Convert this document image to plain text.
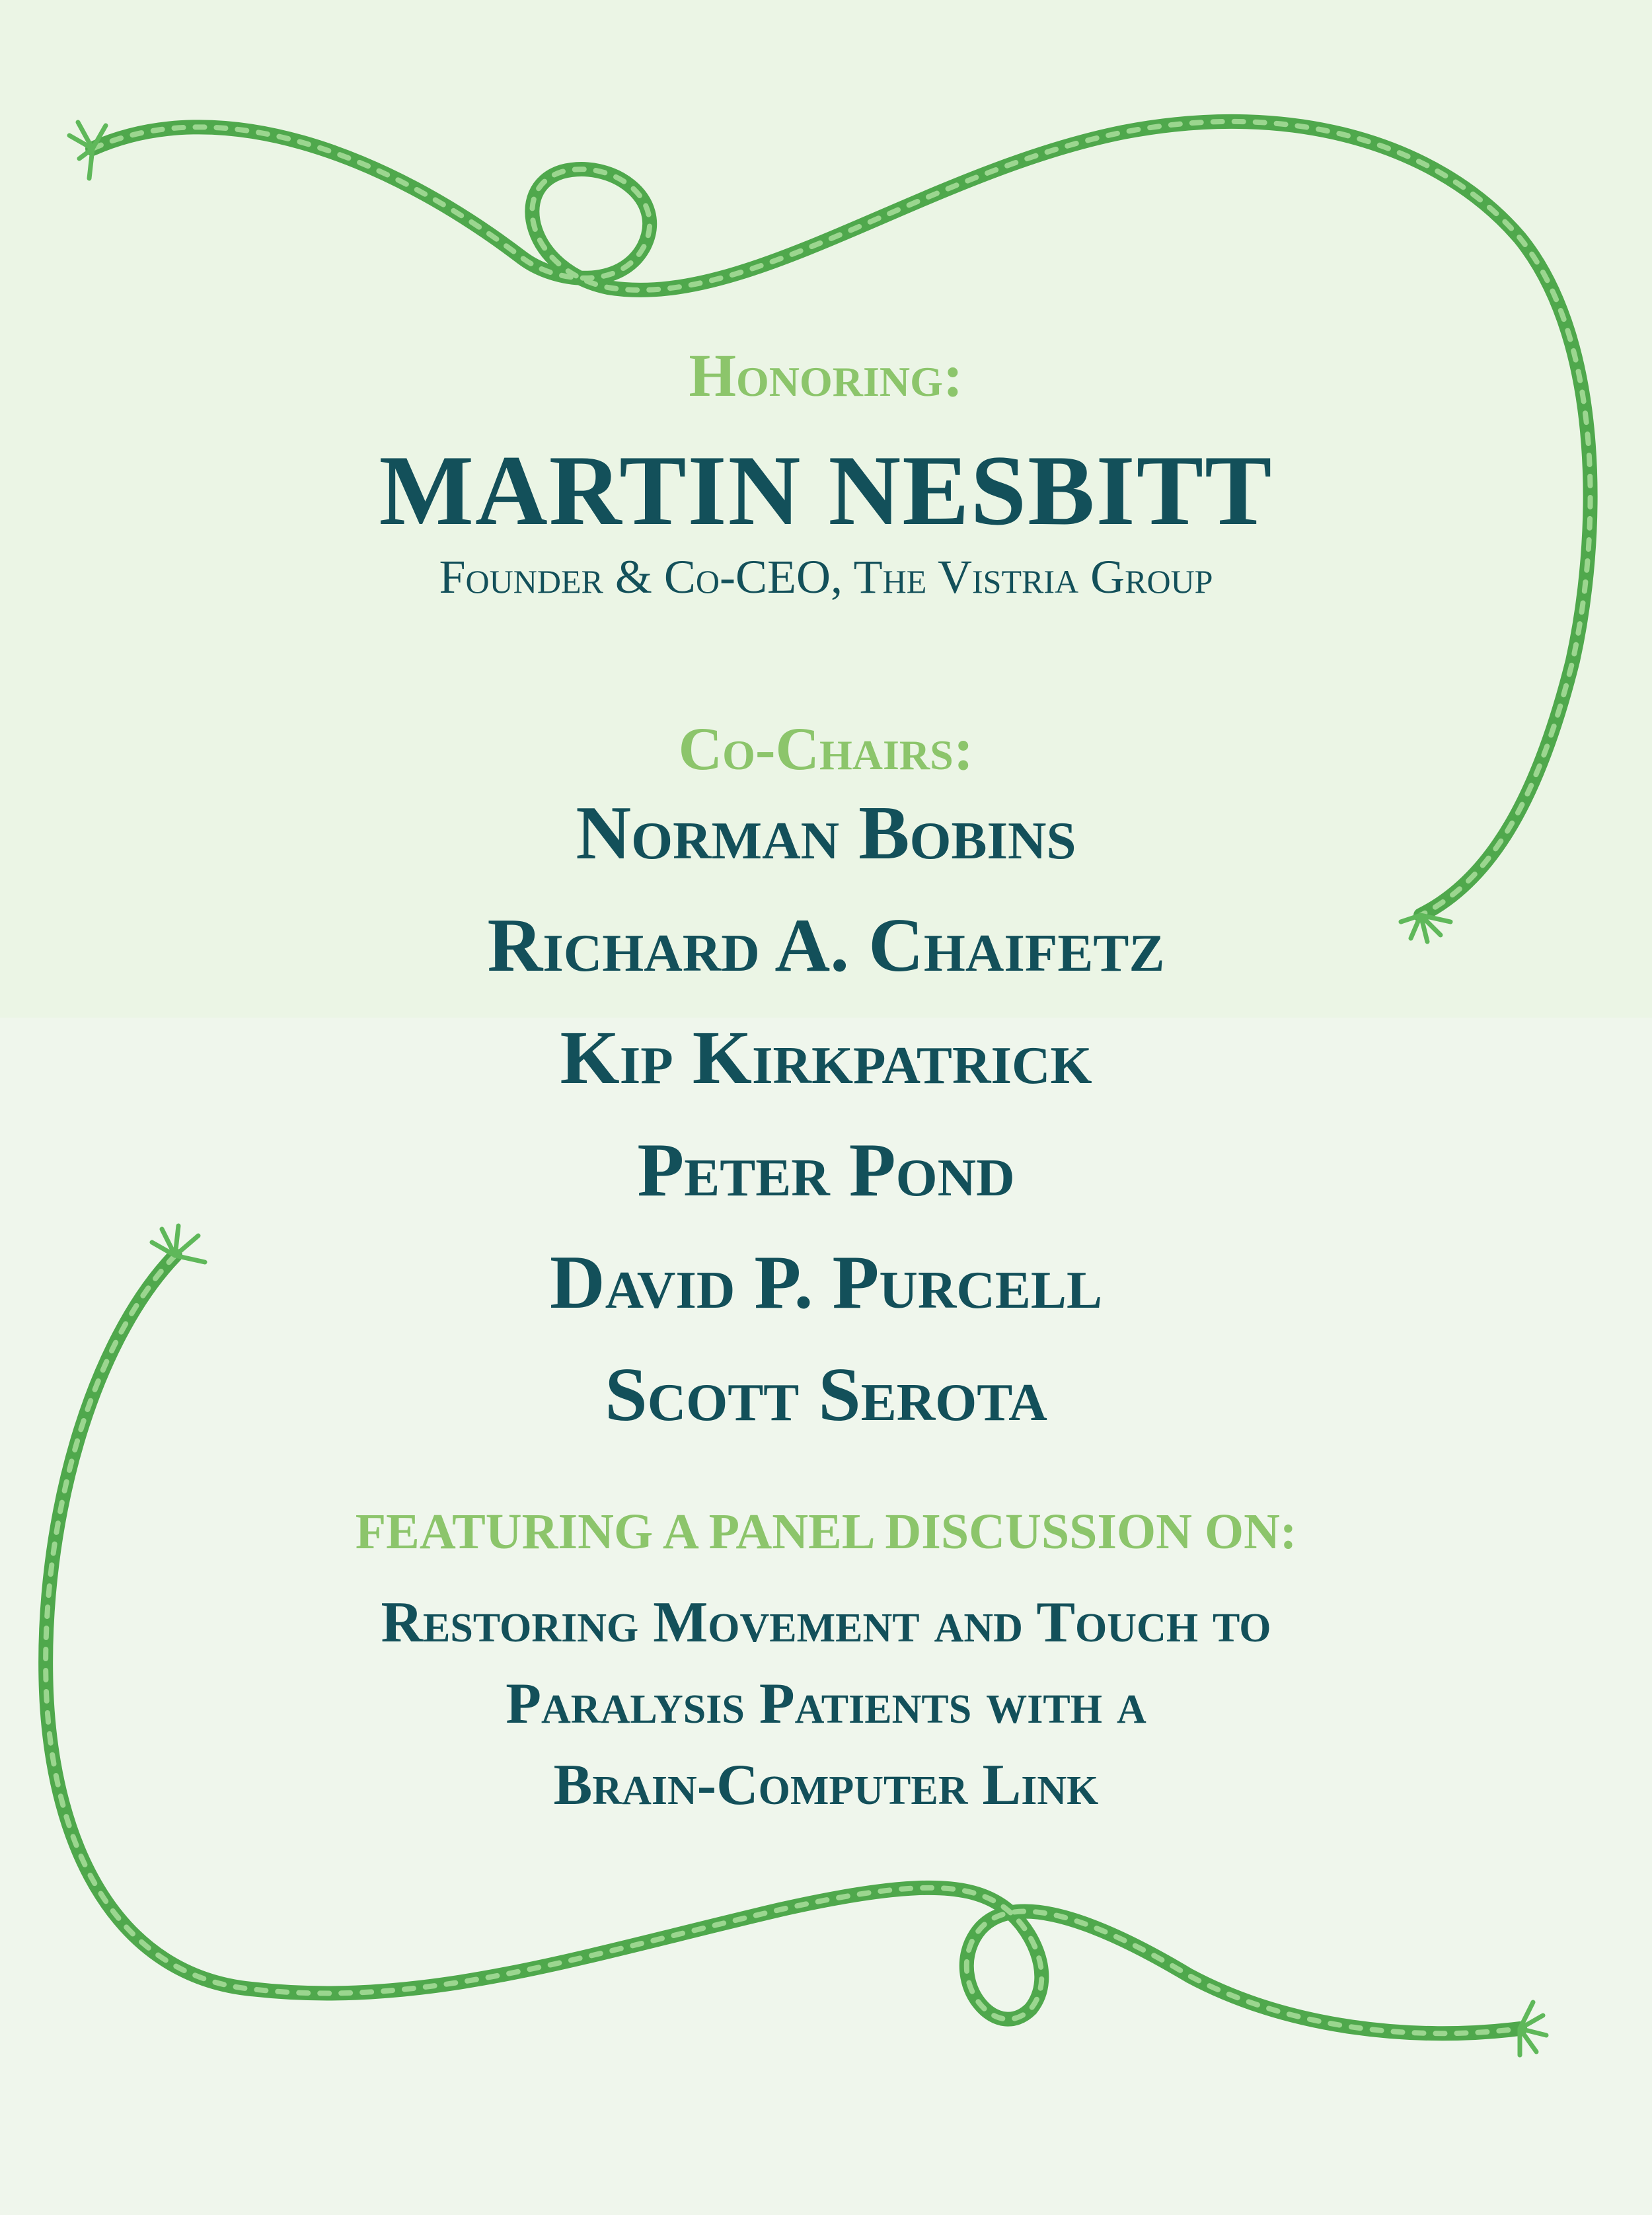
Honoring:
MARTIN NESBITT
Founder & Co-CEO, The Vistria Group
Co-Chairs:
Norman Bobins
Richard A. Chaifetz
Kip Kirkpatrick
Peter Pond
David P. Purcell
Scott Serota
FEATURING A PANEL DISCUSSION ON:
Restoring Movement and Touch to
Paralysis Patients with a
Brain-Computer Link
